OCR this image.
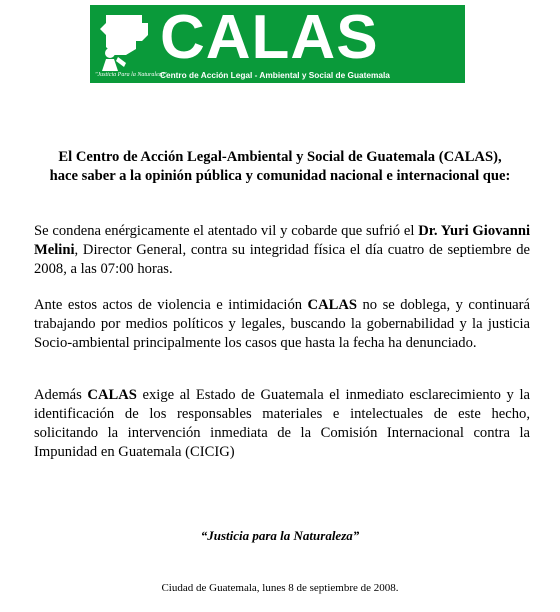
CALAS
"Justicia Para la Naturaleza"
Centro de Acción Legal - Ambiental y Social de Guatemala
El Centro de Acción Legal-Ambiental y Social de Guatemala (CALAS),
hace saber a la opinión pública y comunidad nacional e internacional que:
Se condena enérgicamente el atentado vil y cobarde que sufrió el Dr. Yuri Giovanni Melini, Director General, contra su integridad física el día cuatro de septiembre de 2008, a las 07:00 horas.
Ante estos actos de violencia e intimidación CALAS no se doblega, y continuará trabajando por medios políticos y legales, buscando la gobernabilidad y la justicia Socio-ambiental principalmente los casos que hasta la fecha ha denunciado.
Además CALAS exige al Estado de Guatemala el inmediato esclarecimiento y la identificación de los responsables materiales e intelectuales de este hecho, solicitando la intervención inmediata de la Comisión Internacional contra la Impunidad en Guatemala (CICIG)
“Justicia para la Naturaleza”
Ciudad de Guatemala, lunes 8 de septiembre de 2008.
